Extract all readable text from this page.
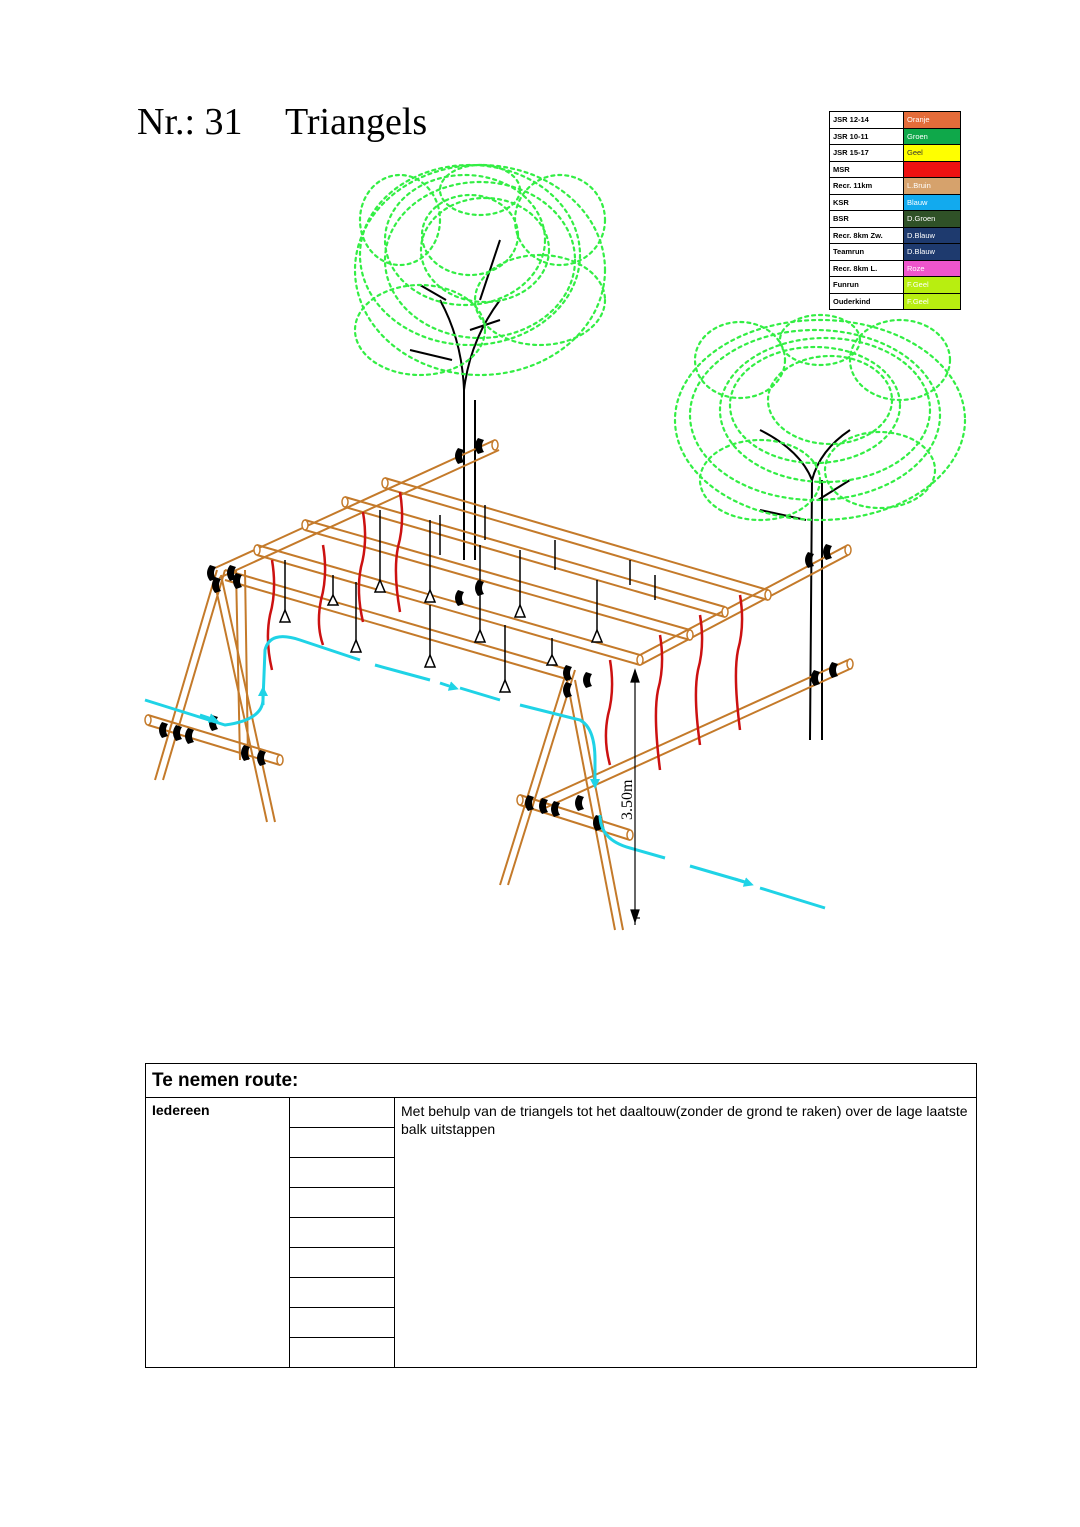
Nr.: 31 Triangels	JSR 12-14	Oranje
JSR 10-11	Groen
JSR 15-17	Geel
MSR	Rood
Recr. 11km	L.Bruin
KSR	Blauw
BSR	D.Groen
Recr. 8km Zw.	D.Blauw
Teamrun	D.Blauw
Recr. 8km L.	Roze
Funrun	F.Geel
Ouderkind	F.Geel
3.50m
Te nemen route:
Iedereen		Met behulp van de triangels tot het daaltouw(zonder de grond te raken) over de lage laatste balk uitstappen
